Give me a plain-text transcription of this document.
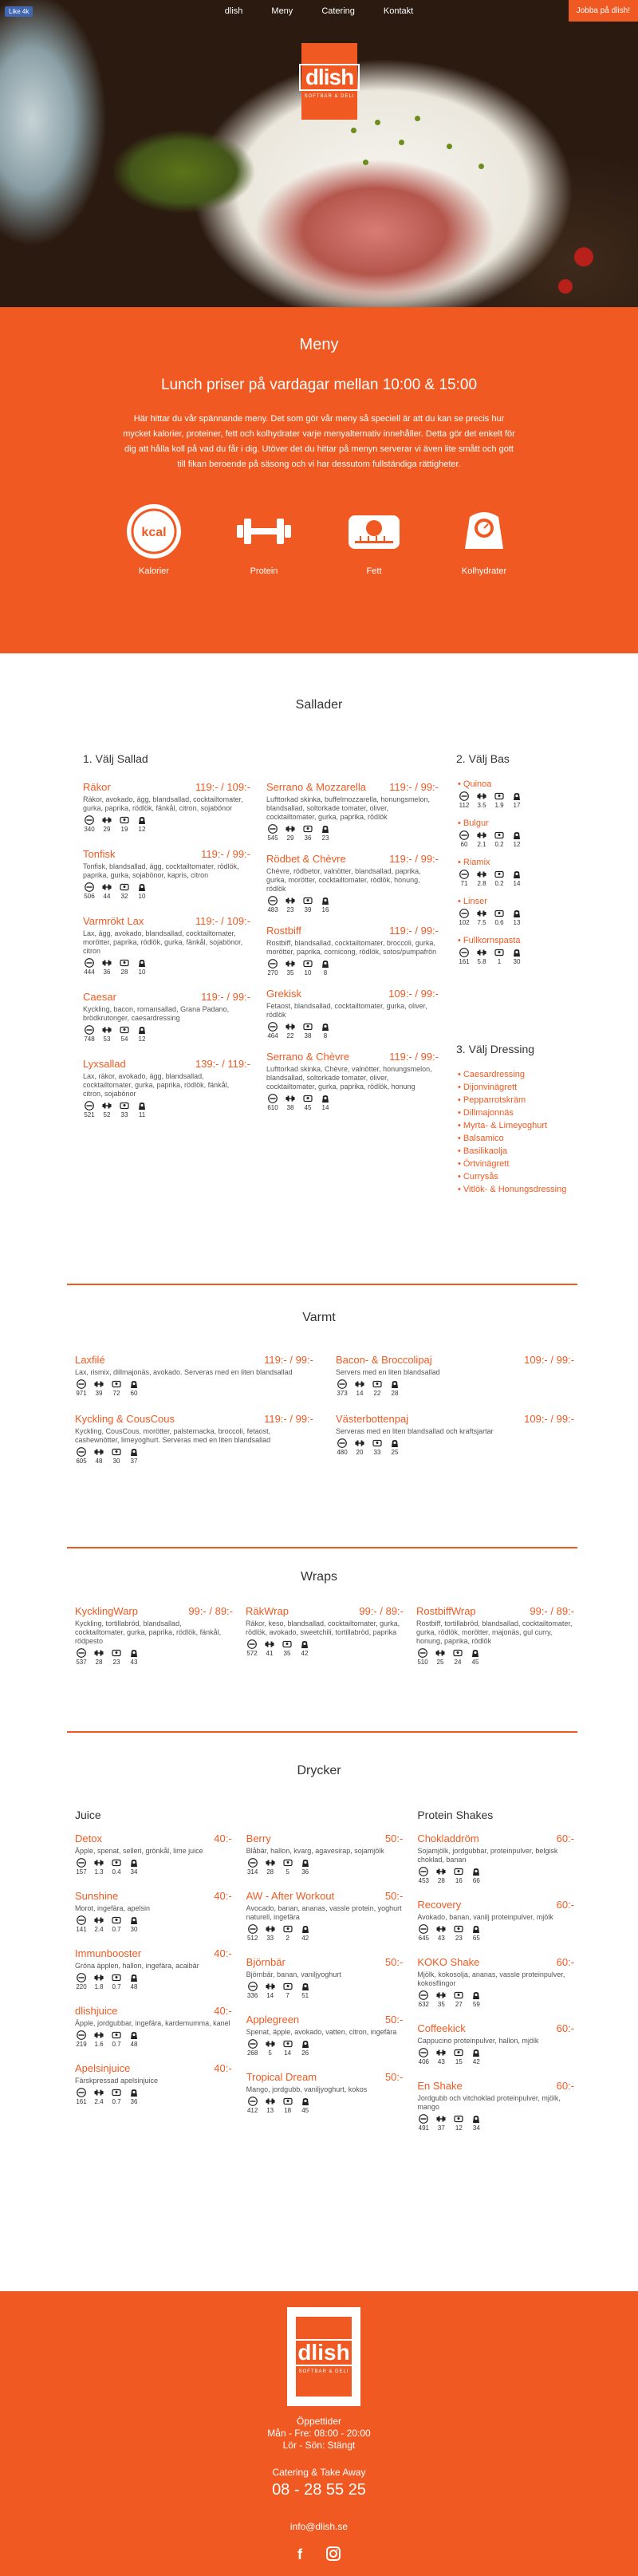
Like 4k	dlish	Meny	Catering	Kontakt	Jobba på dlish!
dlish
SOFTBAR & DELI
Meny
Lunch priser på vardagar mellan 10:00 & 15:00

Här hittar du vår spännande meny. Det som gör vår meny så speciell är att du kan se precis hur mycket kalorier, proteiner, fett och kolhydrater varje menyalternativ innehåller. Detta gör det enkelt för dig att hålla koll på vad du får i dig. Utöver det du hittar på menyn serverar vi även lite smått och gott till fikan beroende på säsong och vi har dessutom fullständiga rättigheter.

kcal
Kalorier	Protein	Fett	Kolhydrater
Sallader
1. Välj Sallad	2. Välj Bas
Räkor	119:- / 109:-
Räkor, avokado, ägg, blandsallad, cocktailtomater, gurka, paprika, rödlök, fänkål, citron, sojabönor
340 29 19 12
Tonfisk	119:- / 99:-
Tonfisk, blandsallad, ägg, cocktailtomater, rödlök, paprika, gurka, sojabönor, kapris, citron
506 44 32 10
Varmrökt Lax	119:- / 109:-
Lax, ägg, avokado, blandsallad, cocktailtomater, morötter, paprika, rödlök, gurka, fänkål, sojabönor, citron
444 36 28 10
Caesar	119:- / 99:-
Kyckling, bacon, romansallad, Grana Padano, brödkrutonger, caesardressing
748 53 54 12
Lyxsallad	139:- / 119:-
Lax, räkor, avokado, ägg, blandsallad, cocktailtomater, gurka, paprika, rödlök, fänkål, citron, sojabönor
521 52 33 11
Serrano & Mozzarella 119:- / 99:-
Lufttorkad skinka, buffelmozzarella, honungsmelon, blandsallad, soltorkade tomater, oliver, cocktailtomater, gurka, paprika, rödlök
545 29 36 23
Rödbet & Chèvre	119:- / 99:-
Chèvre, rödbetor, valnötter, blandsallad, paprika, gurka, morötter, cocktailtomater, rödlök, honung, rödlök
483 23 39 16
Rostbiff	119:- / 99:-
Rostbiff, blandsallad, cocktailtomater, broccoli, gurka, morötter, paprika, cornicong, rödlök, sotos/pumpafrön
270 35 10 8
Grekisk	109:- / 99:-
Fetaost, blandsallad, cocktailtomater, gurka, oliver, rödlök
464 22 38 8
Serrano & Chèvre	119:- / 99:-
Lufttorkad skinka, Chèvre, valnötter, honungsmelon, blandsallad, soltorkade tomater, oliver, cocktailtomater, gurka, paprika, rödlök, honung
610 38 45 14
• Quinoa
112 3.5 1.9 17
• Bulgur
60 2.1 0.2 12
• Riamix
71 2.8 0.2 14
• Linser
102 7.5 0.6 13
• Fullkornspasta
161 5.8 1 30
3. Välj Dressing
• Caesardressing
• Dijonvinägrett
• Pepparrotskräm
• Dillmajonnäs
• Myrta- & Limeyoghurt
• Balsamico
• Basilikaolja
• Örtvinägrett
• Currysås
• Vitlök- & Honungsdressing
Varmt
Laxfilé	119:- / 99:-
Lax, rismix, dillmajonäs, avokado. Serveras med en liten blandsallad
971 39 72 60
Bacon- & Broccolipaj	109:- / 99:-
Servers med en liten blandsallad
373 14 22 28
Kyckling & CousCous	119:- / 99:-
Kyckling, CousCous, morötter, palsternacka, broccoli, fetaost, cashewnötter, limeyoghurt. Serveras med en liten blandsallad
605 48 30 37
Västerbottenpaj	109:- / 99:-
Serveras med en liten blandsallad och kraftsjartar
480 20 33 25
Wraps
KycklingWarp	99:- / 89:-
Kyckling, tortillabröd, blandsallad, cocktailtomater, gurka, paprika, rödlök, fänkål, rödpesto
537 28 23 43
RäkWrap	99:- / 89:-
Räkor, keso, blandsallad, cocktailtomater, gurka, rödlök, avokado, sweetchili, tortillabröd, paprika
572 41 35 42
RostbiffWrap	99:- / 89:-
Rostbiff, tortillabröd, blandsallad, cocktailtomater, gurka, rödlök, morötter, majonäs, gul curry, honung, paprika, rödlök
510 25 24 45
Drycker
Juice
Detox	40:-
Äpple, spenat, selleri, grönkål, lime juice
157 1.3 0.4 34
Sunshine	40:-
Morot, ingefära, apelsin
141 2.4 0.7 30
Immunbooster	40:-
Gröna äpplen, hallon, ingefära, acaibär
220 1.8 0.7 48
dlishjuice	40:-
Äpple, jordgubbar, ingefära, kardemumma, kanel
219 1.6 0.7 48
Apelsinjuice	40:-
Färskpressad apelsinjuice
161 2.4 0.7 36
Berry	50:-
Blåbär, hallon, kvarg, agavesirap, sojamjölk
314 28 5 36
AW - After Workout	50:-
Avocado, banan, ananas, vassle protein, yoghurt naturell, ingefära
512 33 2 42
Björnbär	50:-
Björnbär, banan, vaniljyoghurt
336 14 7 51
Applegreen	50:-
Spenat, äpple, avokado, vatten, citron, ingefära
268 5 14 26
Tropical Dream	50:-
Mango, jordgubb, vaniljyoghurt, kokos
412 13 18 45
Protein Shakes
Chokladdröm	60:-
Sojamjölk, jordgubbar, proteinpulver, belgisk choklad, banan
453 28 16 66
Recovery	60:-
Avokado, banan, vanilj proteinpulver, mjölk
645 43 23 65
KOKO Shake	60:-
Mjölk, kokosolja, ananas, vassle proteinpulver, kokosflingor
632 35 27 59
Coffeekick	60:-
Cappucino proteinpulver, hallon, mjölk
406 43 15 42
En Shake	60:-
Jordgubb och vitchoklad proteinpulver, mjölk, mango
491 37 12 34
dlish
SOFTBAR & DELI
Öppettider
Mån - Fre: 08:00 - 20:00
Lör - Sön: Stängt
Catering & Take Away
08 - 28 55 25
info@dlish.se
f
